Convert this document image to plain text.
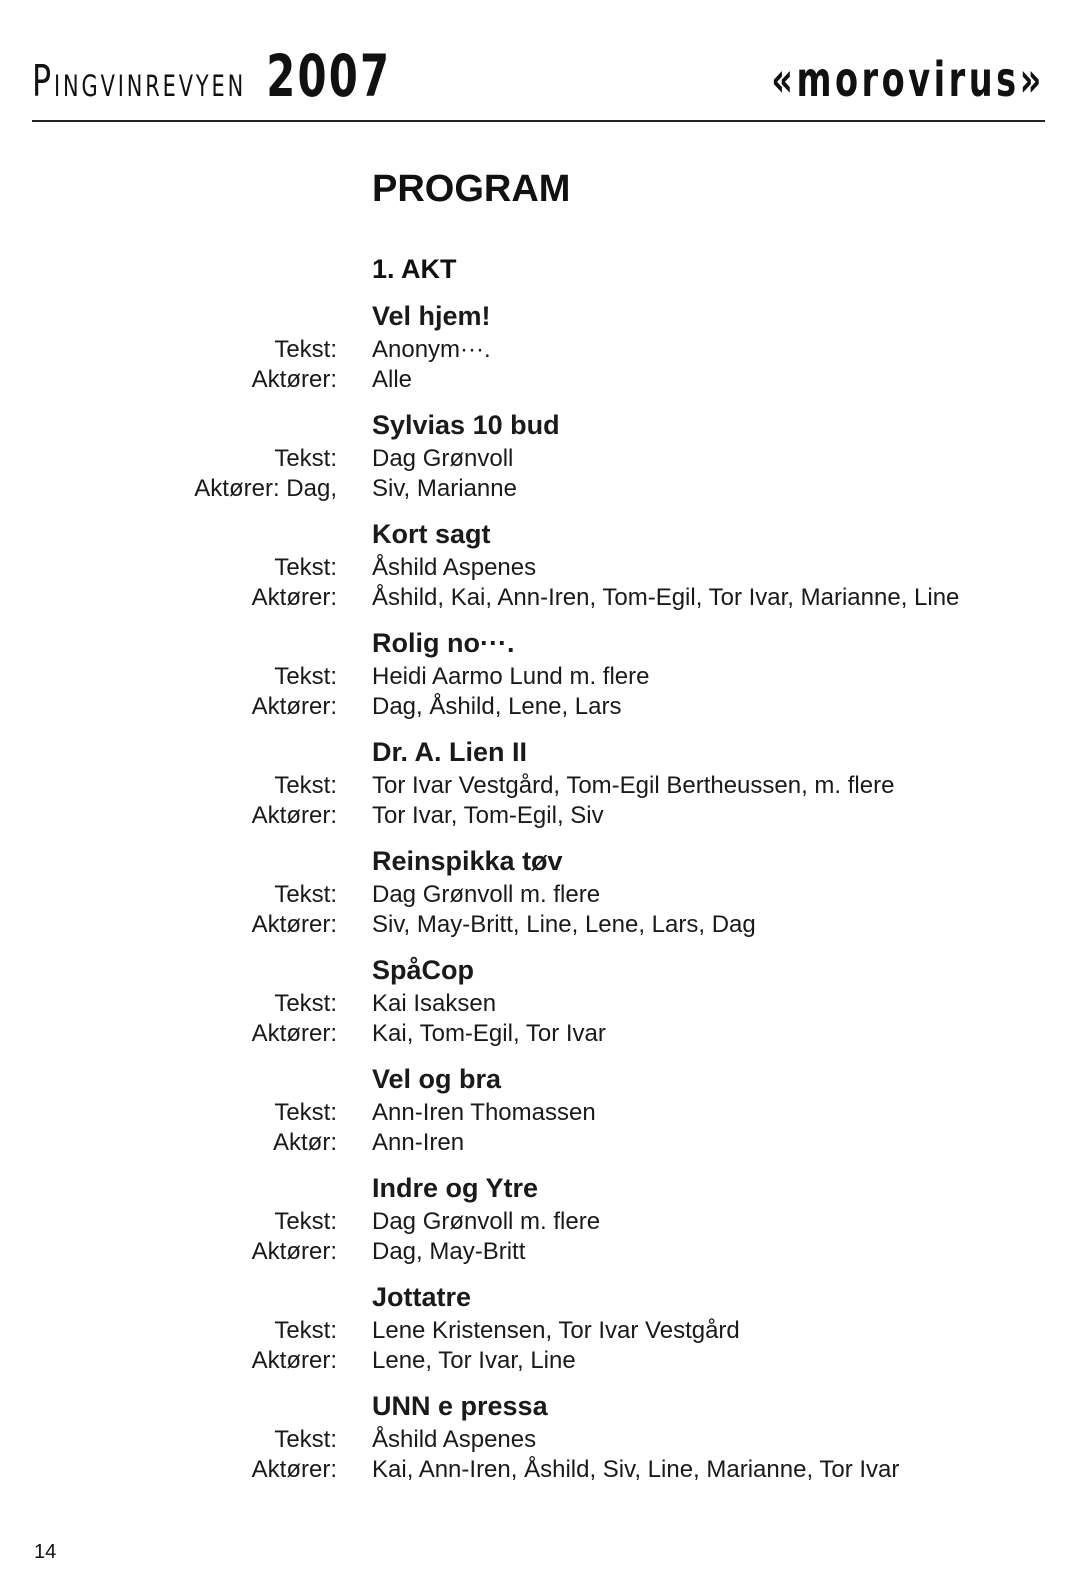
PINGVINREVYEN 2007	«morovirus»
PROGRAM
1. AKT
Vel hjem!
Tekst: Anonym···.
Aktører: Alle
Sylvias 10 bud
Tekst: Dag Grønvoll
Aktører: Dag, Siv, Marianne
Kort sagt
Tekst: Åshild Aspenes
Aktører: Åshild, Kai, Ann-Iren, Tom-Egil, Tor Ivar, Marianne, Line
Rolig no···.
Tekst: Heidi Aarmo Lund m. flere
Aktører: Dag, Åshild, Lene, Lars
Dr. A. Lien II
Tekst: Tor Ivar Vestgård, Tom-Egil Bertheussen, m. flere
Aktører: Tor Ivar, Tom-Egil, Siv
Reinspikka tøv
Tekst: Dag Grønvoll m. flere
Aktører: Siv, May-Britt, Line, Lene, Lars, Dag
SpåCop
Tekst: Kai Isaksen
Aktører: Kai, Tom-Egil, Tor Ivar
Vel og bra
Tekst: Ann-Iren Thomassen
Aktør: Ann-Iren
Indre og Ytre
Tekst: Dag Grønvoll m. flere
Aktører: Dag, May-Britt
Jottatre
Tekst: Lene Kristensen, Tor Ivar Vestgård
Aktører: Lene, Tor Ivar, Line
UNN e pressa
Tekst: Åshild Aspenes
Aktører: Kai, Ann-Iren, Åshild, Siv, Line, Marianne, Tor Ivar
14
